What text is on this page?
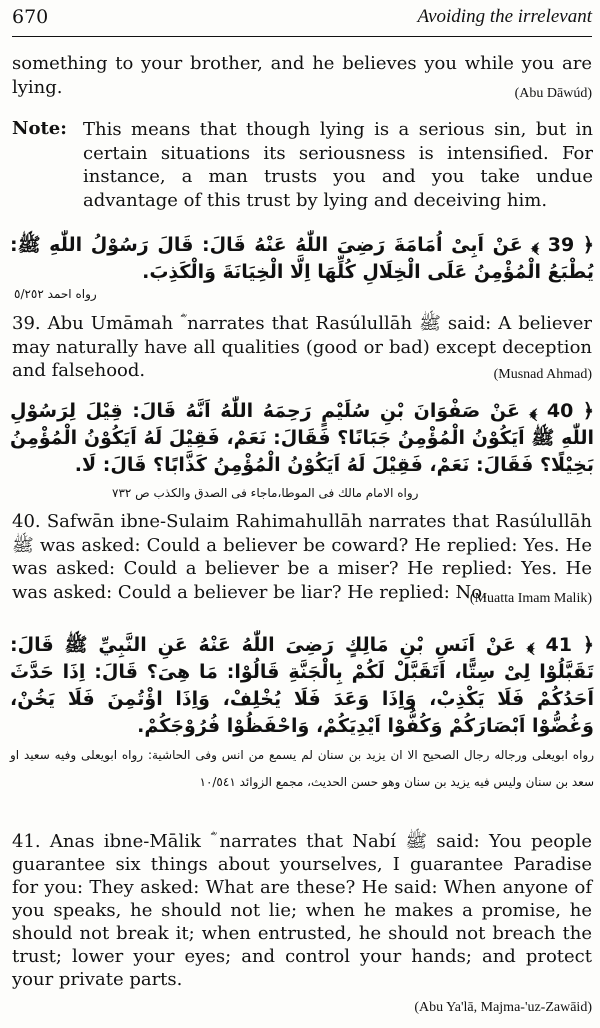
670	Avoiding the irrelevant

something to your brother, and he believes you while you are lying.	(Abu Dāwúd)
Note: This means that though lying is a serious sin, but in certain situations its seriousness is intensified. For instance, a man trusts you and you take undue advantage of this trust by lying and deceiving him.

﴿ 39 ﴾ عَنْ اَبِىْ اُمَامَةَ رَضِىَ اللّٰهُ عَنْهُ قَالَ: قَالَ رَسُوْلُ اللّٰهِ ﷺ: يُطْبَعُ الْمُؤْمِنُ عَلَى الْخِلَالِ كُلِّهَا اِلَّا الْخِيَانَةَ وَالْكَذِبَ.

رواه احمد ٥/٢٥٢

39. Abu Umāmah ؓ narrates that Rasúlullāh ﷺ said: A believer may naturally have all qualities (good or bad) except deception and falsehood.	(Musnad Ahmad)

﴿ 40 ﴾ عَنْ صَفْوَانَ بْنِ سُلَيْمٍ رَحِمَهُ اللّٰهُ اَنَّهُ قَالَ: قِيْلَ لِرَسُوْلِ اللّٰهِ ﷺ اَيَكُوْنُ الْمُؤْمِنُ جَبَانًا؟ فَقَالَ: نَعَمْ، فَقِيْلَ لَهُ اَيَكُوْنُ الْمُؤْمِنُ بَخِيْلًا؟ فَقَالَ: نَعَمْ، فَقِيْلَ لَهُ اَيَكُوْنُ الْمُؤْمِنُ كَذَّابًا؟ قَالَ: لَا.

رواه الامام مالك فى الموطا،ماجاء فى الصدق والكذب ص ٧٣٢

40. Safwān ibne-Sulaim Rahimahullāh narrates that Rasúlullāh ﷺ was asked: Could a believer be coward? He replied: Yes. He was asked: Could a believer be a miser? He replied: Yes. He was asked: Could a believer be liar? He replied: No.

(Muatta Imam Malik)

﴿ 41 ﴾ عَنْ اَنَسِ بْنِ مَالِكٍ رَضِىَ اللّٰهُ عَنْهُ عَنِ النَّبِيِّ ﷺ قَالَ: تَقَبَّلُوْا لِىْ سِتًّا، اَتَقَبَّلْ لَكُمْ بِالْجَنَّةِ قَالُوْا: مَا هِىَ؟ قَالَ: اِذَا حَدَّثَ اَحَدُكُمْ فَلَا يَكْذِبْ، وَاِذَا وَعَدَ فَلَا يُخْلِفْ، وَاِذَا اؤْتُمِنَ فَلَا يَخُنْ، وَغُضُّوْا اَبْصَارَكُمْ وَكُفُّوْا اَيْدِيَكُمْ، وَاحْفَظُوْا فُرُوْجَكُمْ.

رواه ابويعلى ورجاله رجال الصحيح الا ان يزيد بن سنان لم يسمع من انس وفى الحاشية: رواه ابويعلى وفيه سعيد او سعد بن سنان وليس فيه يزيد بن سنان وهو حسن الحديث، مجمع الزوائد ١٠/٥٤١

41. Anas ibne-Mālik ؓ narrates that Nabí ﷺ said: You people guarantee six things about yourselves, I guarantee Paradise for you: They asked: What are these? He said: When anyone of you speaks, he should not lie; when he makes a promise, he should not break it; when entrusted, he should not breach the trust; lower your eyes; and control your hands; and protect your private parts.

(Abu Ya'lā, Majma-'uz-Zawāid)
